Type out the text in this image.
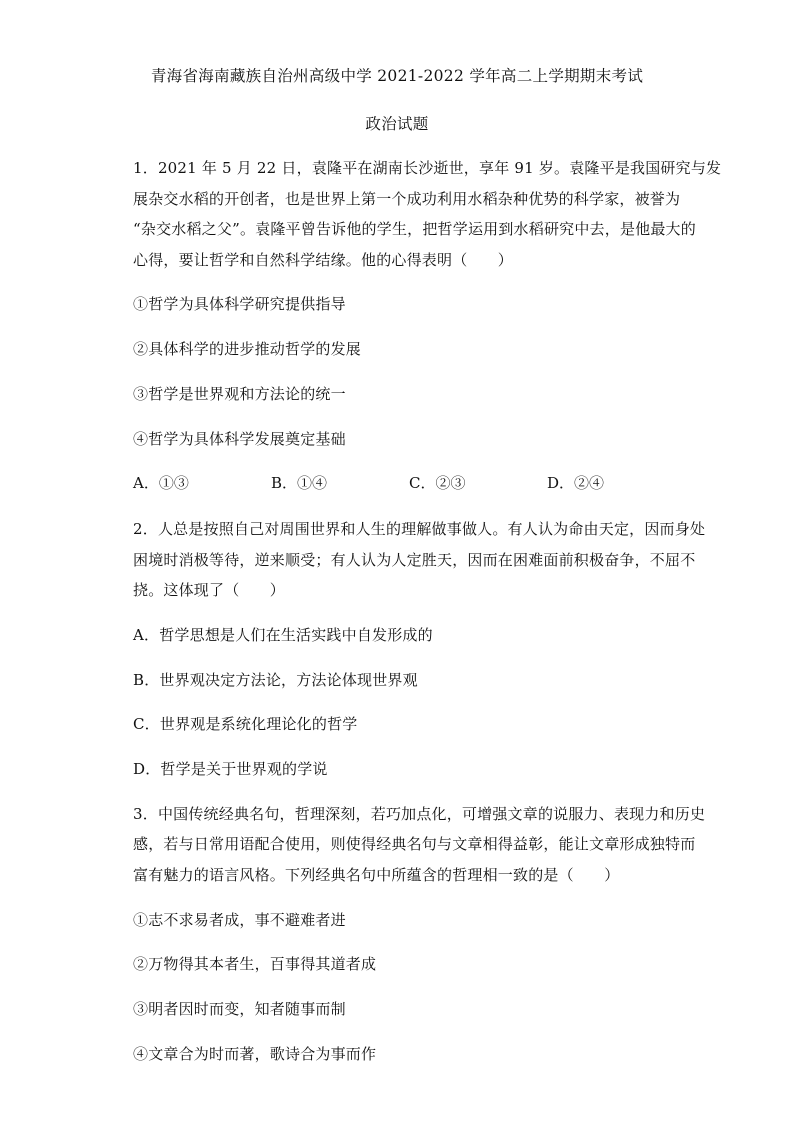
青海省海南藏族自治州高级中学 2021-2022 学年高二上学期期末考试
政治试题
1．2021 年 5 月 22 日，袁隆平在湖南长沙逝世，享年 91 岁。袁隆平是我国研究与发
展杂交水稻的开创者，也是世界上第一个成功利用水稻杂种优势的科学家，被誉为
“杂交水稻之父”。袁隆平曾告诉他的学生，把哲学运用到水稻研究中去，是他最大的
心得，要让哲学和自然科学结缘。他的心得表明（　　）
①哲学为具体科学研究提供指导
②具体科学的进步推动哲学的发展
③哲学是世界观和方法论的统一
④哲学为具体科学发展奠定基础
A．①③	B．①④	C．②③	D．②④
2．人总是按照自己对周围世界和人生的理解做事做人。有人认为命由天定，因而身处
困境时消极等待，逆来顺受；有人认为人定胜天，因而在困难面前积极奋争，不屈不
挠。这体现了（　　）
A．哲学思想是人们在生活实践中自发形成的
B．世界观决定方法论，方法论体现世界观
C．世界观是系统化理论化的哲学
D．哲学是关于世界观的学说
3．中国传统经典名句，哲理深刻，若巧加点化，可增强文章的说服力、表现力和历史
感，若与日常用语配合使用，则使得经典名句与文章相得益彰，能让文章形成独特而
富有魅力的语言风格。下列经典名句中所蕴含的哲理相一致的是（　　）
①志不求易者成，事不避难者进
②万物得其本者生，百事得其道者成
③明者因时而变，知者随事而制
④文章合为时而著，歌诗合为事而作
